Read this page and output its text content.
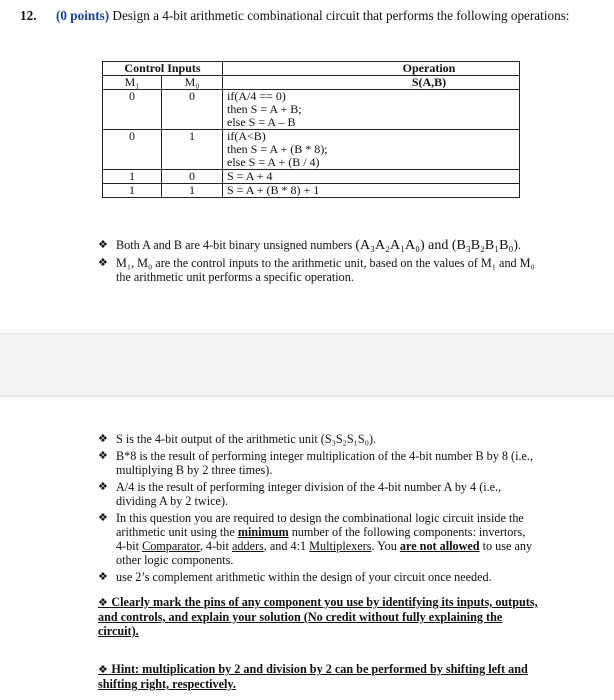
12. (0 points) Design a 4-bit arithmetic combinational circuit that performs the following operations:
Control Inputs		Operation
M₁	M₀	S(A,B)
0	0	if(A/4 == 0)
then S = A + B;
else S = A – B

0	1	if(A<B)
then S = A + (B * 8);
else S = A + (B / 4)

1	0	S = A + 4

1	1	S = A + (B * 8) + 1
❖ Both A and B are 4-bit binary unsigned numbers (A₃A₂A₁A₀) and (B₃B₂B₁B₀).
❖ M₁, M₀ are the control inputs to the arithmetic unit, based on the values of M₁ and M₀ the arithmetic unit performs a specific operation.
❖ S is the 4-bit output of the arithmetic unit (S₃S₂S₁S₀).
❖ B*8 is the result of performing integer multiplication of the 4-bit number B by 8 (i.e., multiplying B by 2 three times).
❖ A/4 is the result of performing integer division of the 4-bit number A by 4 (i.e., dividing A by 2 twice).
❖ In this question you are required to design the combinational logic circuit inside the arithmetic unit using the minimum number of the following components: invertors, 4-bit Comparator, 4-bit adders, and 4:1 Multiplexers. You are not allowed to use any other logic components.
❖ use 2’s complement arithmetic within the design of your circuit once needed.
❖ Clearly mark the pins of any component you use by identifying its inputs, outputs, and controls, and explain your solution (No credit without fully explaining the circuit).
❖ Hint: multiplication by 2 and division by 2 can be performed by shifting left and shifting right, respectively.
